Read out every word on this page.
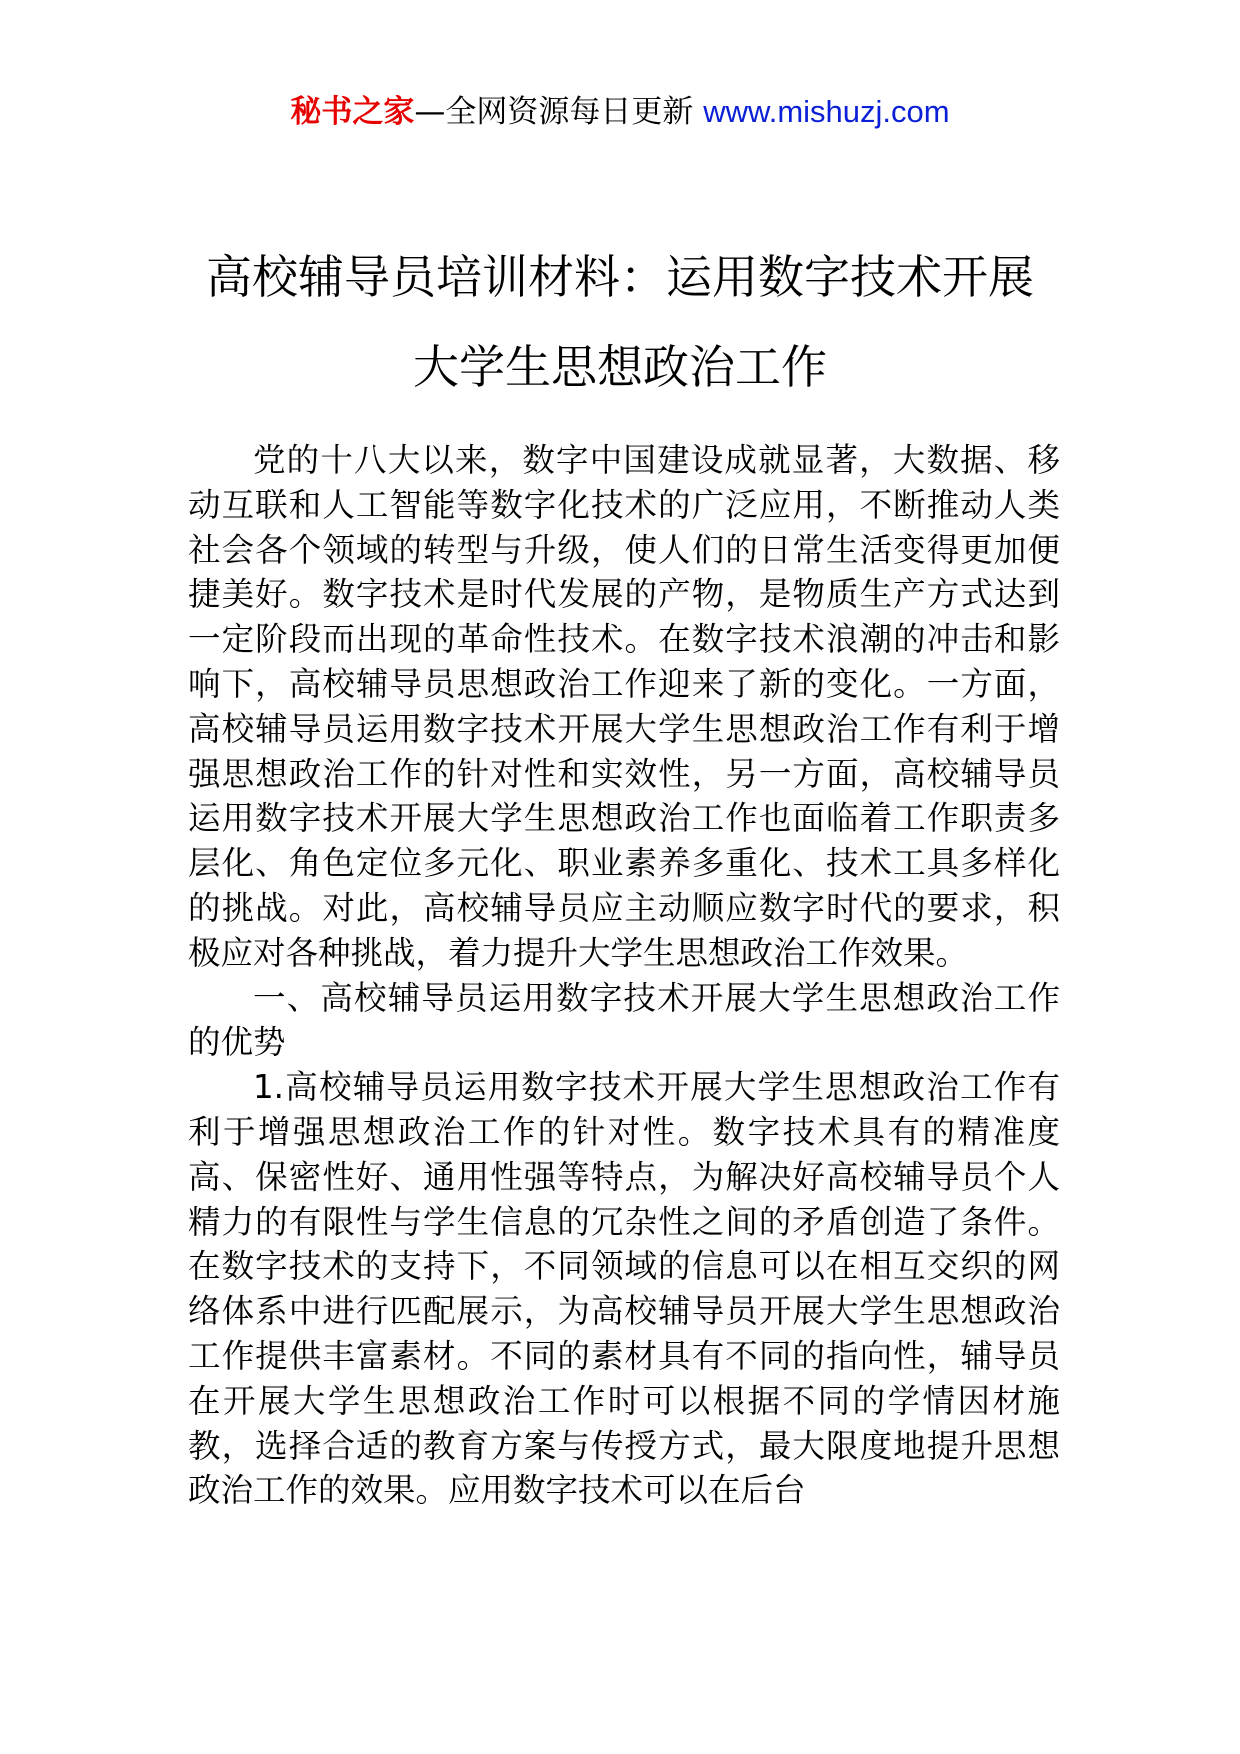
秘书之家—全网资源每日更新 www.mishuzj.com
高校辅导员培训材料：运用数字技术开展
大学生思想政治工作

党的十八大以来，数字中国建设成就显著，大数据、移动互联和人工智能等数字化技术的广泛应用，不断推动人类社会各个领域的转型与升级，使人们的日常生活变得更加便捷美好。数字技术是时代发展的产物，是物质生产方式达到一定阶段而出现的革命性技术。在数字技术浪潮的冲击和影响下，高校辅导员思想政治工作迎来了新的变化。一方面，高校辅导员运用数字技术开展大学生思想政治工作有利于增强思想政治工作的针对性和实效性，另一方面，高校辅导员运用数字技术开展大学生思想政治工作也面临着工作职责多层化、角色定位多元化、职业素养多重化、技术工具多样化的挑战。对此，高校辅导员应主动顺应数字时代的要求，积极应对各种挑战，着力提升大学生思想政治工作效果。

一、高校辅导员运用数字技术开展大学生思想政治工作的优势

1.高校辅导员运用数字技术开展大学生思想政治工作有利于增强思想政治工作的针对性。数字技术具有的精准度高、保密性好、通用性强等特点，为解决好高校辅导员个人精力的有限性与学生信息的冗杂性之间的矛盾创造了条件。在数字技术的支持下，不同领域的信息可以在相互交织的网络体系中进行匹配展示，为高校辅导员开展大学生思想政治工作提供丰富素材。不同的素材具有不同的指向性，辅导员在开展大学生思想政治工作时可以根据不同的学情因材施教，选择合适的教育方案与传授方式，最大限度地提升思想政治工作的效果。应用数字技术可以在后台
